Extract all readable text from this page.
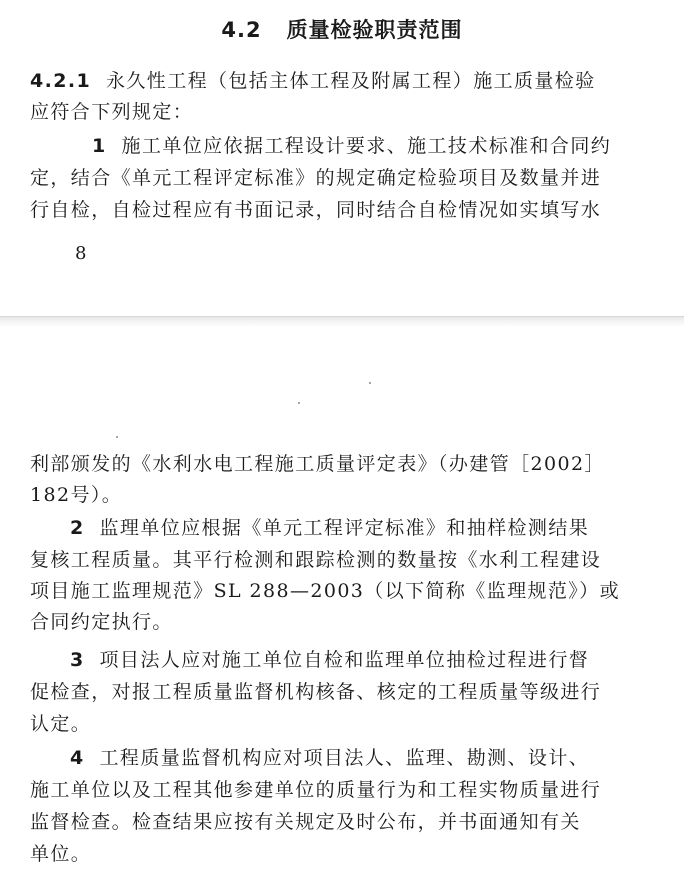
4.2 质量检验职责范围
4.2.1 永久性工程（包括主体工程及附属工程）施工质量检验
应符合下列规定：
1 施工单位应依据工程设计要求、施工技术标准和合同约
定，结合《单元工程评定标准》的规定确定检验项目及数量并进
行自检，自检过程应有书面记录，同时结合自检情况如实填写水
8
利部颁发的《水利水电工程施工质量评定表》（办建管［2002］
182号）。
2 监理单位应根据《单元工程评定标准》和抽样检测结果
复核工程质量。其平行检测和跟踪检测的数量按《水利工程建设
项目施工监理规范》SL 288—2003（以下简称《监理规范》）或
合同约定执行。
3 项目法人应对施工单位自检和监理单位抽检过程进行督
促检查，对报工程质量监督机构核备、核定的工程质量等级进行
认定。
4 工程质量监督机构应对项目法人、监理、勘测、设计、
施工单位以及工程其他参建单位的质量行为和工程实物质量进行
监督检查。检查结果应按有关规定及时公布，并书面通知有关
单位。
